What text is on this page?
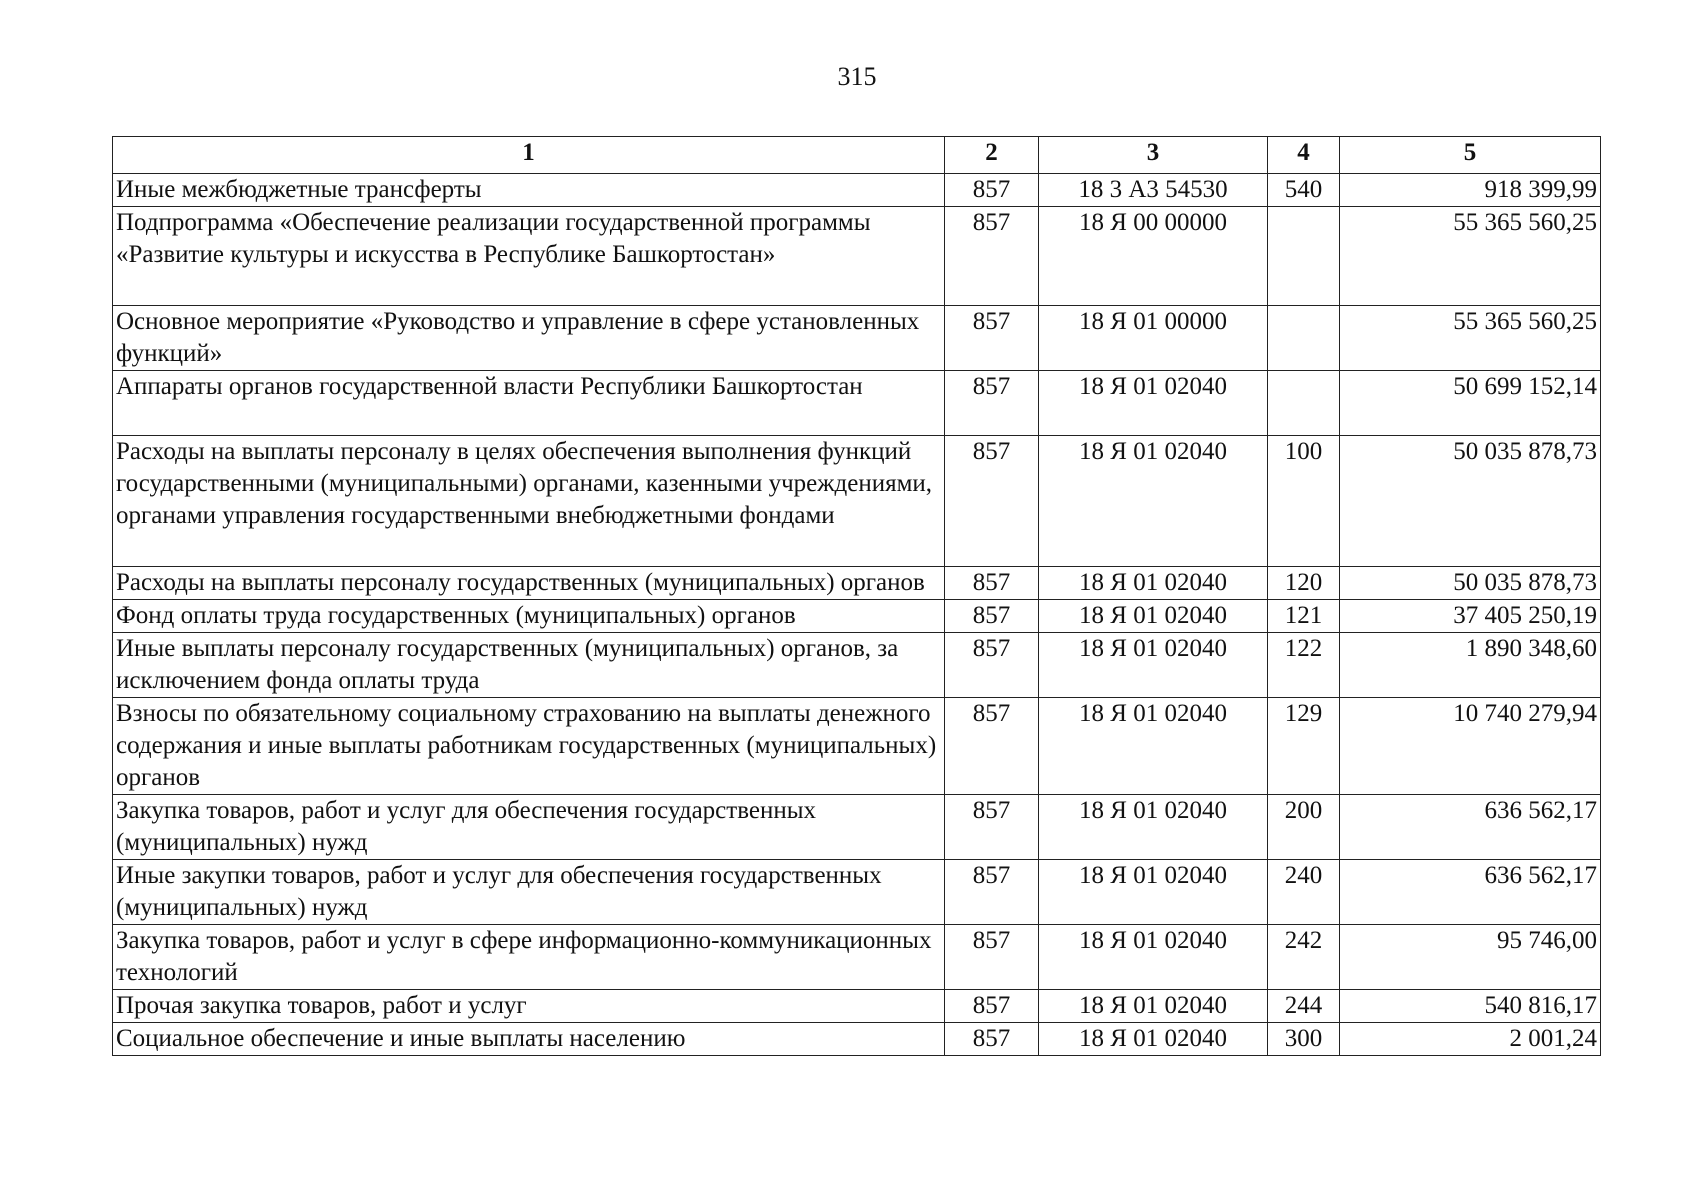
315
1	2	3	4	5
Иные межбюджетные трансферты	857	18 3 А3 54530	540	918 399,99
Подпрограмма «Обеспечение реализации государственной программы «Развитие культуры и искусства в Республике Башкортостан»	857	18 Я 00 00000		55 365 560,25
Основное мероприятие «Руководство и управление в сфере установленных функций»	857	18 Я 01 00000		55 365 560,25
Аппараты органов государственной власти Республики Башкортостан	857	18 Я 01 02040		50 699 152,14
Расходы на выплаты персоналу в целях обеспечения выполнения функций государственными (муниципальными) органами, казенными учреждениями, органами управления государственными внебюджетными фондами	857	18 Я 01 02040	100	50 035 878,73
Расходы на выплаты персоналу государственных (муниципальных) органов	857	18 Я 01 02040	120	50 035 878,73
Фонд оплаты труда государственных (муниципальных) органов	857	18 Я 01 02040	121	37 405 250,19
Иные выплаты персоналу государственных (муниципальных) органов, за исключением фонда оплаты труда	857	18 Я 01 02040	122	1 890 348,60
Взносы по обязательному социальному страхованию на выплаты денежного содержания и иные выплаты работникам государственных (муниципальных) органов	857	18 Я 01 02040	129	10 740 279,94
Закупка товаров, работ и услуг для обеспечения государственных (муниципальных) нужд	857	18 Я 01 02040	200	636 562,17
Иные закупки товаров, работ и услуг для обеспечения государственных (муниципальных) нужд	857	18 Я 01 02040	240	636 562,17
Закупка товаров, работ и услуг в сфере информационно-коммуникационных технологий	857	18 Я 01 02040	242	95 746,00
Прочая закупка товаров, работ и услуг	857	18 Я 01 02040	244	540 816,17
Социальное обеспечение и иные выплаты населению	857	18 Я 01 02040	300	2 001,24
